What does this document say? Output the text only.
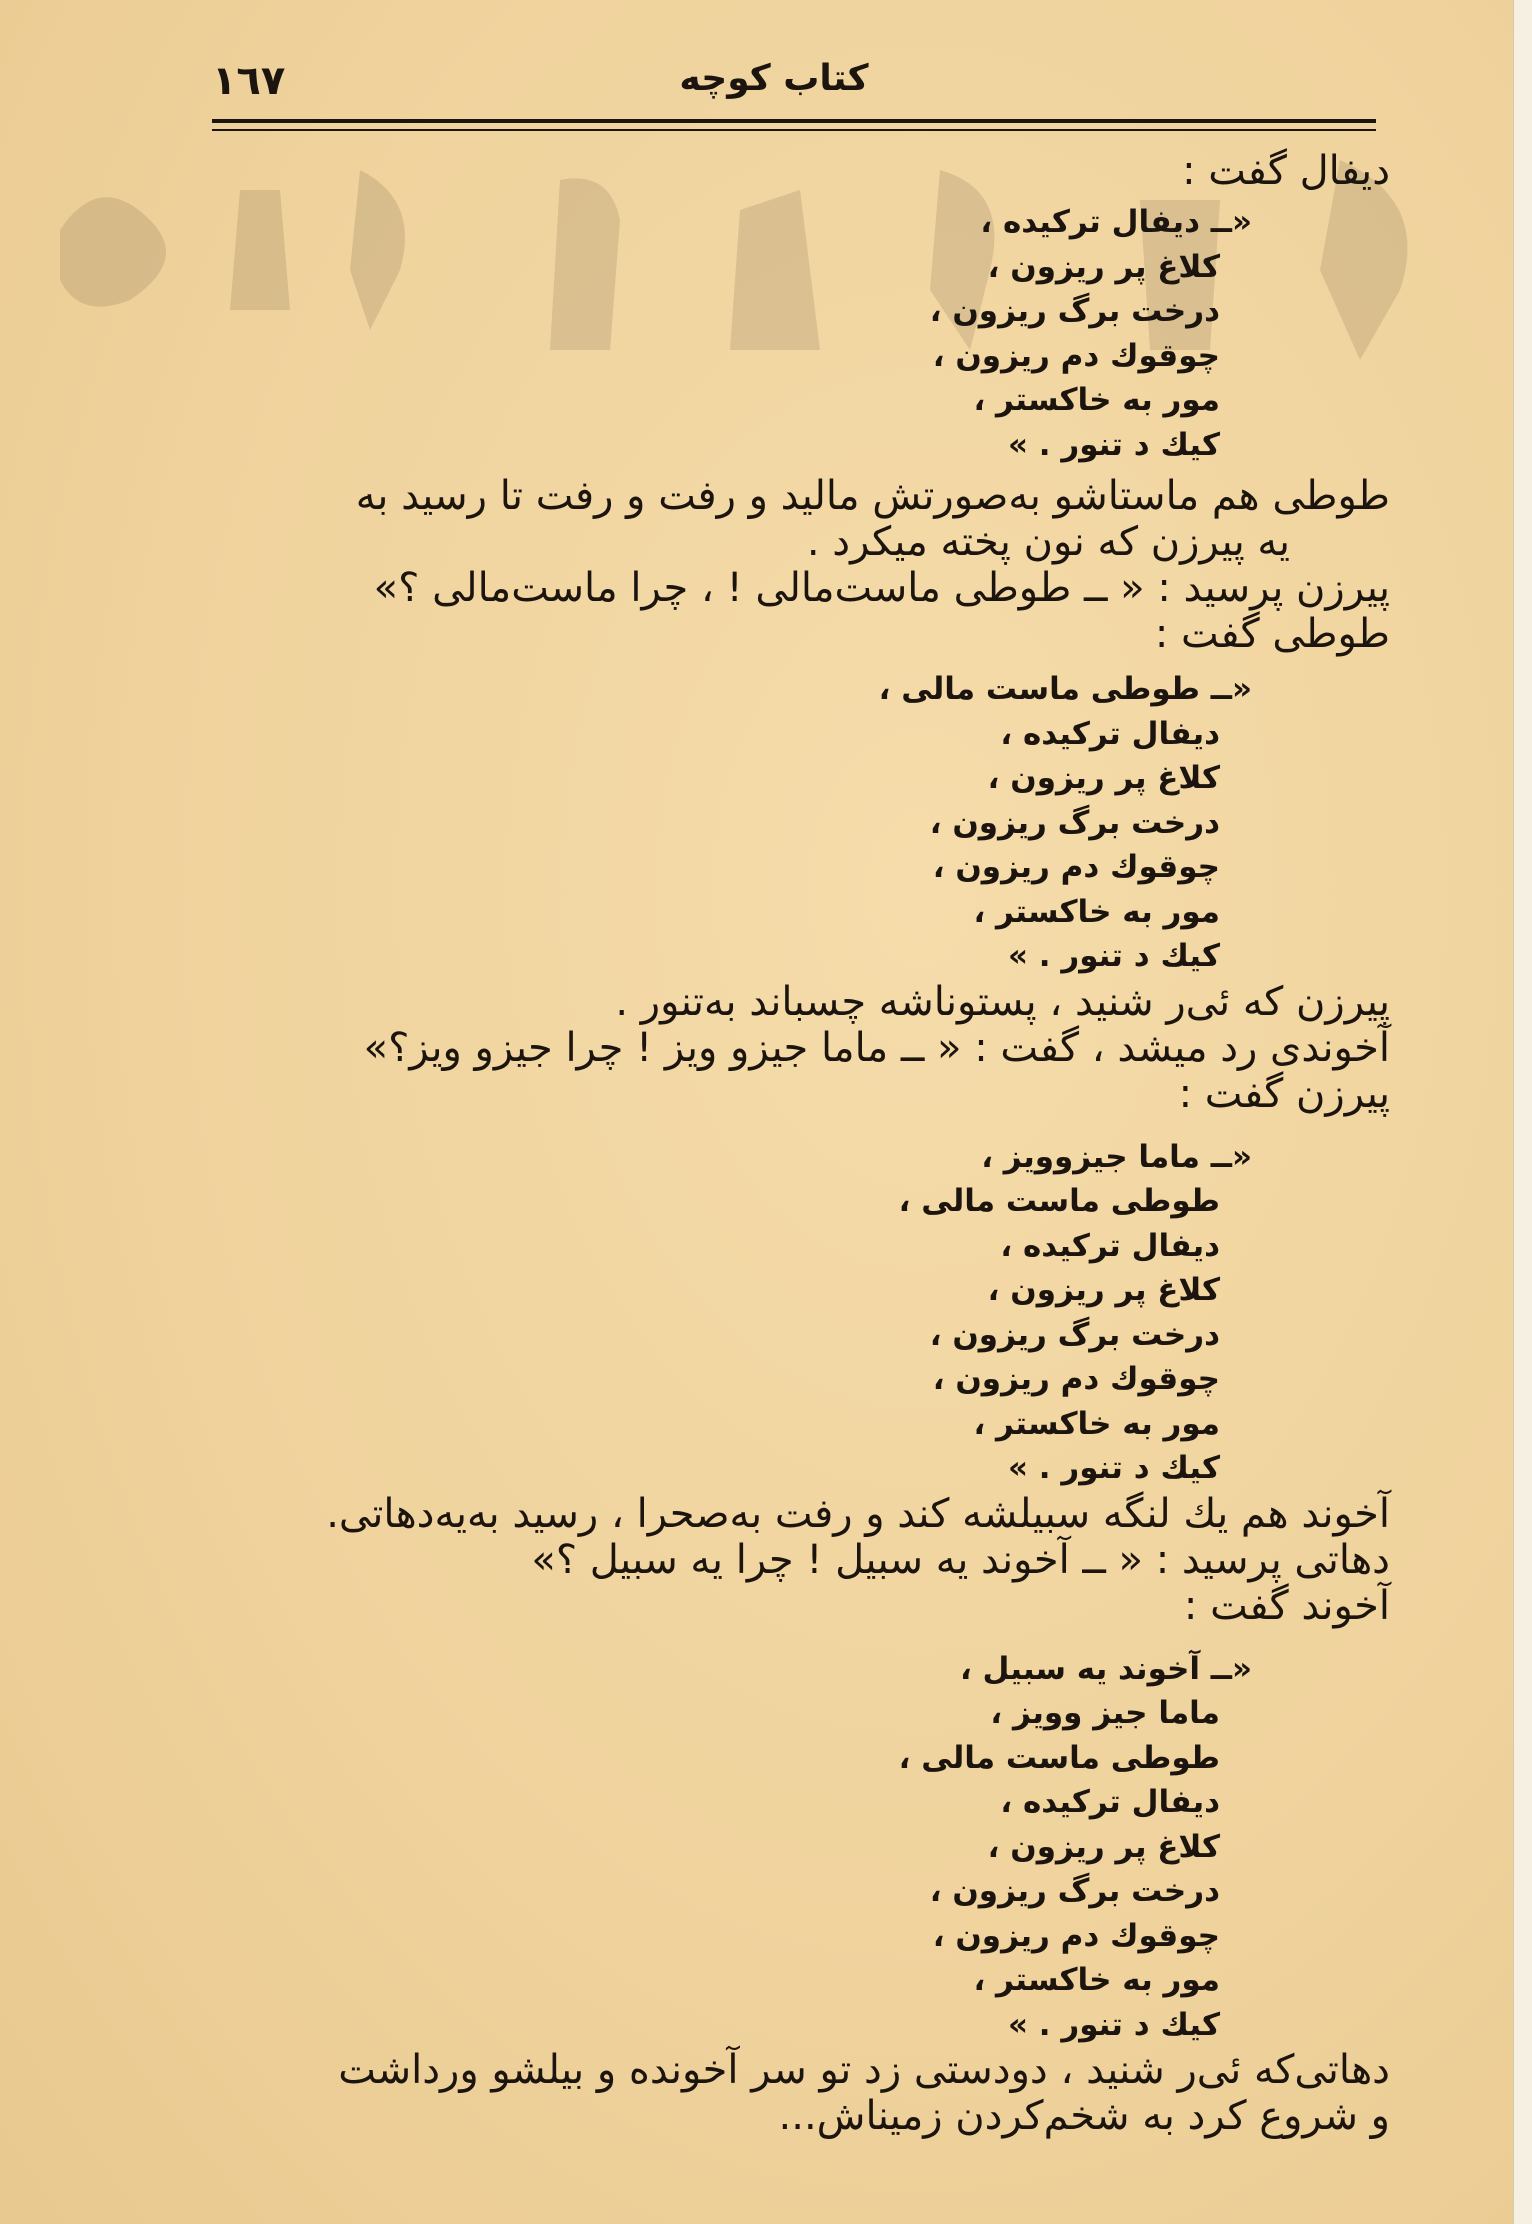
١٦٧	کتاب کوچه
دیفال گفت :
«ــ دیفال ترکیده ،
کلاغ پر ریزون ،
درخت برگ ریزون ،
چوقوك دم ریزون ،
مور به خاکستر ،
کیك د تنور . »
طوطی هم ماستاشو به‌صورتش مالید و رفت و رفت تا رسید به
یه پیرزن که نون پخته میکرد .
پیرزن پرسید : « ــ طوطی ماست‌مالی ! ، چرا ماست‌مالی ؟»
طوطی گفت :
«ــ طوطی ماست مالی ،
دیفال ترکیده ،
کلاغ پر ریزون ،
درخت برگ ریزون ،
چوقوك دم ریزون ،
مور به خاکستر ،
کیك د تنور . »
پیرزن که ئی‌ر شنید ، پستوناشه چسباند به‌تنور .
آخوندی رد میشد ، گفت : « ــ ماما جیزو ویز ! چرا جیزو ویز؟»
پیرزن گفت :
«ــ ماما جیزوویز ،
طوطی ماست مالی ،
دیفال ترکیده ،
کلاغ پر ریزون ،
درخت برگ ریزون ،
چوقوك دم ریزون ،
مور به خاکستر ،
کیك د تنور . »
آخوند هم یك لنگه سبیلشه کند و رفت به‌صحرا ، رسید به‌یه‌دهاتی.
دهاتی پرسید : « ــ آخوند یه سبیل ! چرا یه سبیل ؟»
آخوند گفت :
«ــ آخوند یه سبیل ،
ماما جیز وویز ،
طوطی ماست مالی ،
دیفال ترکیده ،
کلاغ پر ریزون ،
درخت برگ ریزون ،
چوقوك دم ریزون ،
مور به خاکستر ،
کیك د تنور . »
دهاتی‌که ئی‌ر شنید ، دودستی زد تو سر آخونده و بیلشو ورداشت
و شروع کرد به شخم‌کردن زمیناش...
